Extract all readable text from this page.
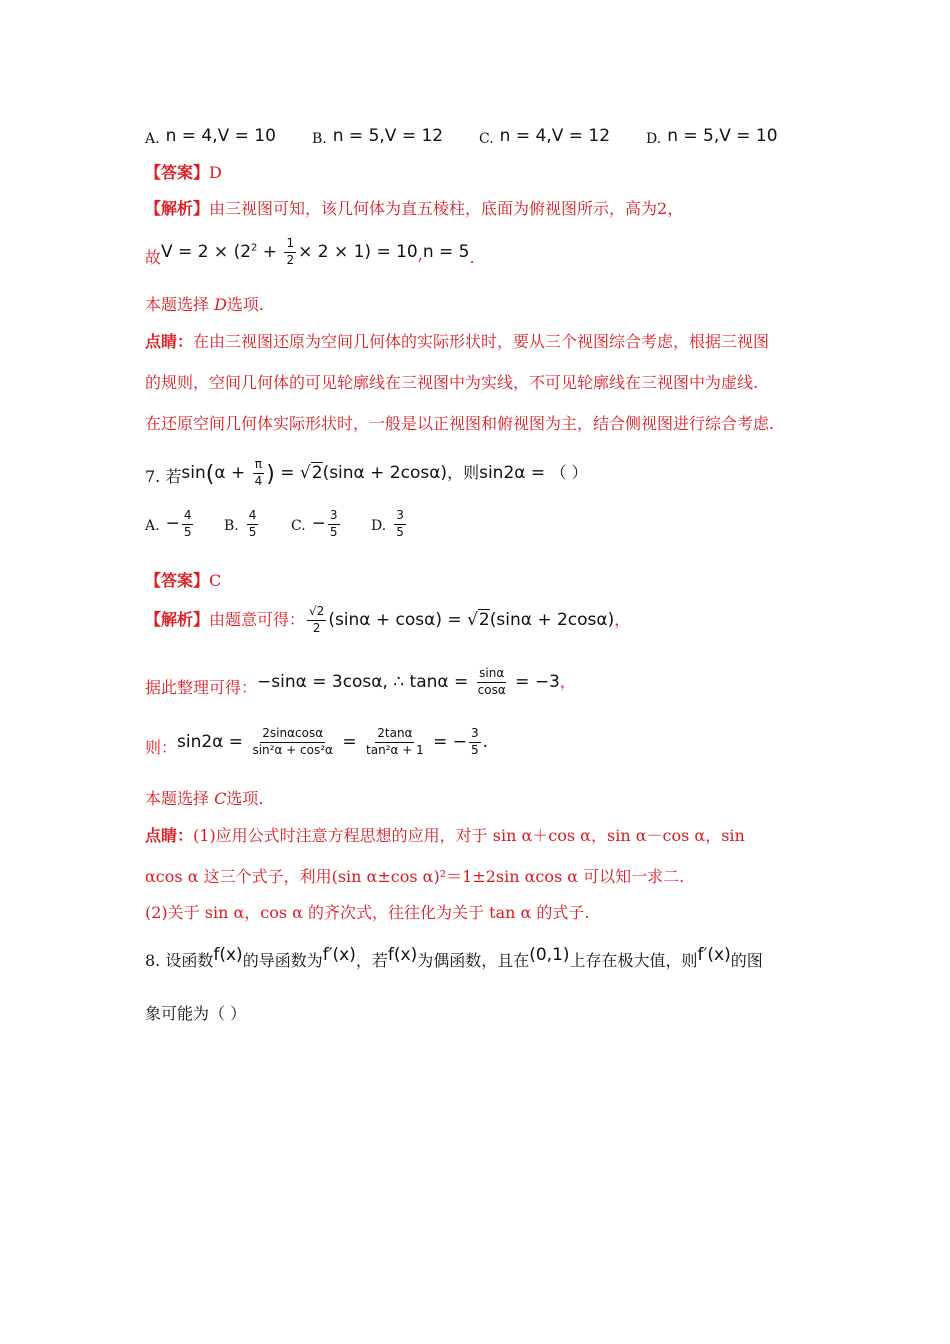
A. n = 4,V = 10	B. n = 5,V = 12	C. n = 4,V = 12	D. n = 5,V = 10
【答案】D
【解析】由三视图可知，该几何体为直五棱柱，底面为俯视图所示，高为2，
故$V = 2 \times (2^2 + \frac{1}{2} \times 2 \times 1) = 10,n = 5$.
本题选择 D选项.
点睛：在由三视图还原为空间几何体的实际形状时，要从三个视图综合考虑，根据三视图
的规则，空间几何体的可见轮廓线在三视图中为实线，不可见轮廓线在三视图中为虚线.
在还原空间几何体实际形状时，一般是以正视图和俯视图为主，结合侧视图进行综合考虑.
7. 若$\sin(\alpha + \frac{\pi}{4}$ ) = √2(sinα + 2cosα)，则sin2α = （ ）
A. − $\frac{4}{5} B$. $\frac{4}{5} C$. − $\frac{3}{5} D$. $\frac{3}{5}$
【答案】C
【解析】由题意可得： $\frac{√2}{2} (\sin\alpha + \cos\alpha) = √2(\sin\alpha + 2\cos\alpha)$，
据此整理可得：−sinα = 3cosα, ∴ $\tan\alpha = \frac{\sin\alpha}{\cos\alpha} = -3$，
则：$\sin 2\alpha = \frac{2\sin\alpha\cos\alpha}{\text{sin²α + cos²α}} = \frac{2\tan\alpha}{\text{tan²α + 1}}$ = − $\frac{3}{5}$ .
本题选择 C选项.
点睛：(1)应用公式时注意方程思想的应用，对于 sin α＋cos α，sin α－cos α，sin
αcos α 这三个式子，利用(sin α±cos α)²＝1±2sin αcos α 可以知一求二.
(2)关于 sin α，cos α 的齐次式，往往化为关于 tan α 的式子.
8. 设函数f(x)的导函数为f′(x)，若f(x)为偶函数，且在(0,1)上存在极大值，则f′(x)的图
象可能为（ ）
